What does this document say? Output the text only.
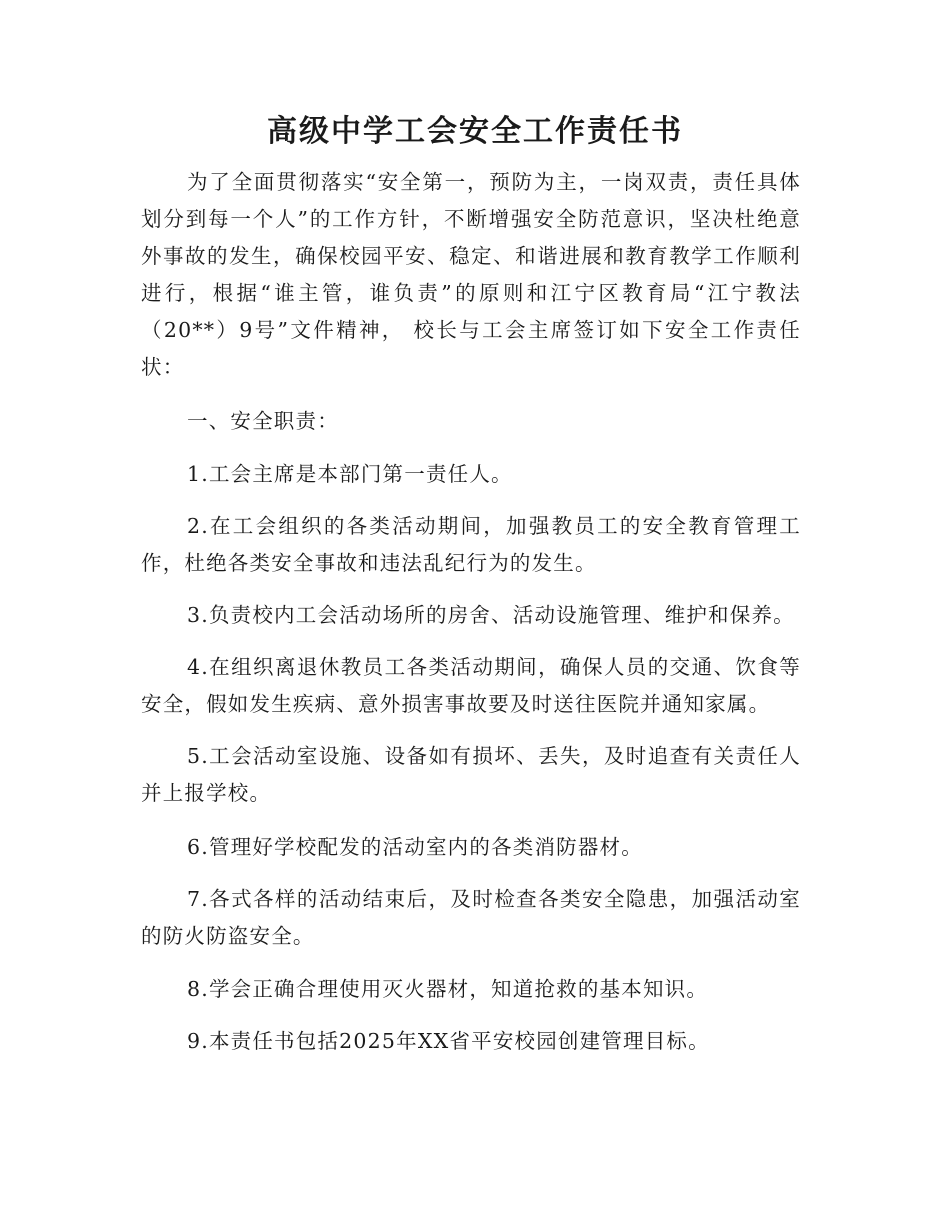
高级中学工会安全工作责任书

为了全面贯彻落实“安全第一，预防为主，一岗双责，责任具体划分到每一个人”的工作方针，不断增强安全防范意识，坚决杜绝意外事故的发生，确保校园平安、稳定、和谐进展和教育教学工作顺利进行，根据“谁主管，谁负责”的原则和江宁区教育局“江宁教法（20**）9号”文件精神， 校长与工会主席签订如下安全工作责任状：

一、安全职责：

1.工会主席是本部门第一责任人。

2.在工会组织的各类活动期间，加强教员工的安全教育管理工作，杜绝各类安全事故和违法乱纪行为的发生。

3.负责校内工会活动场所的房舍、活动设施管理、维护和保养。

4.在组织离退休教员工各类活动期间，确保人员的交通、饮食等安全，假如发生疾病、意外损害事故要及时送往医院并通知家属。

5.工会活动室设施、设备如有损坏、丢失，及时追查有关责任人并上报学校。

6.管理好学校配发的活动室内的各类消防器材。

7.各式各样的活动结束后，及时检查各类安全隐患，加强活动室的防火防盗安全。

8.学会正确合理使用灭火器材，知道抢救的基本知识。

9.本责任书包括2025年XX省平安校园创建管理目标。
